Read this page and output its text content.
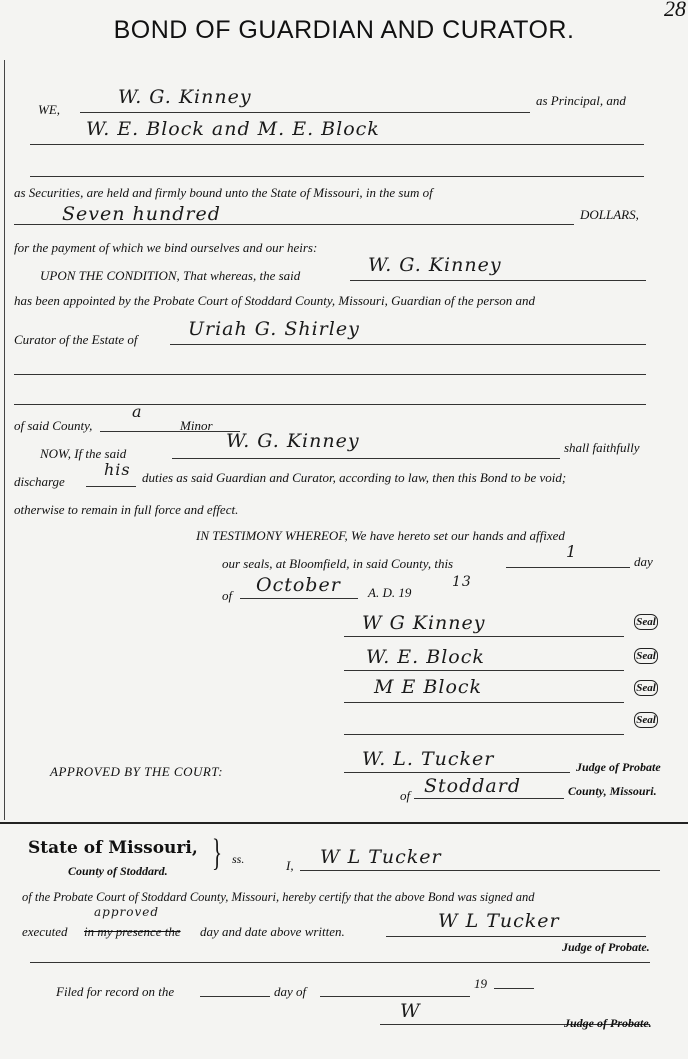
BOND OF GUARDIAN AND CURATOR.
28
WE,
W. G. Kinney	as Principal, and
W. E. Block and M. E. Block
as Securities, are held and firmly bound unto the State of Missouri, in the sum of
Seven hundred	DOLLARS,
for the payment of which we bind ourselves and our heirs:
UPON THE CONDITION, That whereas, the said	W. G. Kinney
has been appointed by the Probate Court of Stoddard County, Missouri, Guardian of the person and
Curator of the Estate of	Uriah G. Shirley
of said County,
a
Minor
NOW, If the said
W. G. Kinney	shall faithfully
discharge
his duties as said Guardian and Curator, according to law, then this Bond to be void;
otherwise to remain in full force and effect.
IN TESTIMONY WHEREOF, We have hereto set our hands and affixed
our seals, at Bloomfield, in said County, this
1
day
of October A. D. 19
13
W G Kinney	Seal
W. E. Block	Seal
M E Block	Seal
Seal
APPROVED BY THE COURT:
W. L. Tucker	Judge of Probate
of Stoddard	County, Missouri.
State of Missouri,
County of Stoddard. } ss.	I, W L Tucker
of the Probate Court of Stoddard County, Missouri, hereby certify that the above Bond was signed and
executed
approved
in my presence the day and date above written.	W L Tucker
Judge of Probate.
Filed for record on the	day of
19
W
Judge of Probate.
